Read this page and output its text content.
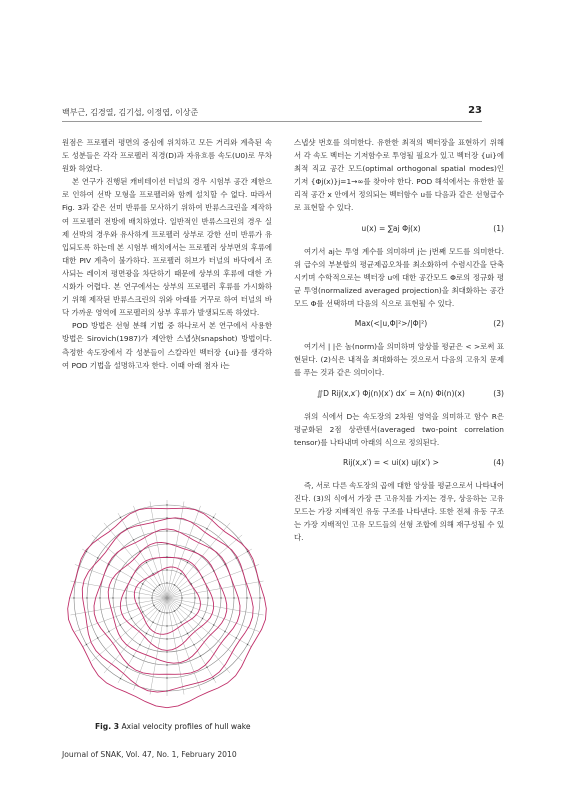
백부근, 김경열, 김기섭, 이정엽, 이상준	23

원점은 프로펠러 평면의 중심에 위치하고 모든 거리와 계측된 속도 성분들은 각각 프로펠러 직경(D)과 자유흐름 속도(U0)로 무차원화 하였다.

본 연구가 진행된 캐비테이션 터널의 경우 시험부 공간 제한으로 인하여 선박 모형을 프로펠러와 함께 설치할 수 없다. 따라서 Fig. 3과 같은 선미 반류를 모사하기 위하여 반류스크린을 제작하여 프로펠러 전방에 배치하였다. 일반적인 반류스크린의 경우 실제 선박의 경우와 유사하게 프로펠러 상부로 강한 선미 반류가 유입되도록 하는데 본 시험부 배치에서는 프로펠러 상부면의 후류에 대한 PIV 계측이 불가하다. 프로펠러 허브가 터널의 바닥에서 조사되는 레이저 평면광을 차단하기 때문에 상부의 후류에 대한 가시화가 어렵다. 본 연구에서는 상부의 프로펠러 후류를 가시화하기 위해 제작된 반류스크린의 위와 아래를 거꾸로 하여 터널의 바닥 가까운 영역에 프로펠러의 상부 후류가 발생되도록 하였다.

POD 방법은 선형 분해 기법 중 하나로서 본 연구에서 사용한 방법은 Sirovich(1987)가 제안한 스냅샷(snapshot) 방법이다. 측정한 속도장에서 각 성분들이 스칼라인 벡터장 {ui}를 생각하여 POD 기법을 설명하고자 한다. 이때 아래 첨자 i는

스냅샷 번호를 의미한다. 유한한 최적의 벡터장을 표현하기 위해서 각 속도 벡터는 기저함수로 투영될 필요가 있고 벡터장 {ui}에 최적 직교 공간 모드(optimal orthogonal spatial modes)인 기저 {Φj(x)}j=1→∞를 찾아야 한다. POD 해석에서는 유한한 물리적 공간 x 안에서 정의되는 벡터함수 u를 다음과 같은 선형급수로 표현할 수 있다.

u(x) = ∑aj Φj(x)	(1)

여기서 aj는 투영 계수를 의미하며 j는 j번째 모드를 의미한다. 위 급수의 부분합의 평균제곱오차를 최소화하여 수렴시간을 단축시키며 수학적으로는 벡터장 u에 대한 공간모드 Φ로의 정규화 평균 투영(normalized averaged projection)을 최대화하는 공간 모드 Φ를 선택하며 다음의 식으로 표현될 수 있다.

Max(<|u,Φ|²>/|Φ|²)	(2)

여기서 | |은 놈(norm)을 의미하며 앙상블 평균은 < >로써 표현된다. (2)식은 내적을 최대화하는 것으로서 다음의 고유치 문제를 푸는 것과 같은 의미이다.

∬D Rij(x,x′) Φj(n)(x′) dx′ = λ(n) Φi(n)(x)	(3)

위의 식에서 D는 속도장의 2차원 영역을 의미하고 함수 R은 평균화된 2점 상관텐서(averaged two-point correlation tensor)를 나타내며 아래의 식으로 정의된다.

Rij(x,x′) = < ui(x) uj(x′) >	(4)

즉, 서로 다른 속도장의 곱에 대한 앙상블 평균으로서 나타내어진다. (3)의 식에서 가장 큰 고유치를 가지는 경우, 상응하는 고유 모드는 가장 지배적인 유동 구조를 나타낸다. 또한 전체 유동 구조는 가장 지배적인 고유 모드들의 선형 조합에 의해 재구성될 수 있다.

Fig. 3 Axial velocity profiles of hull wake
Journal of SNAK, Vol. 47, No. 1, February 2010
